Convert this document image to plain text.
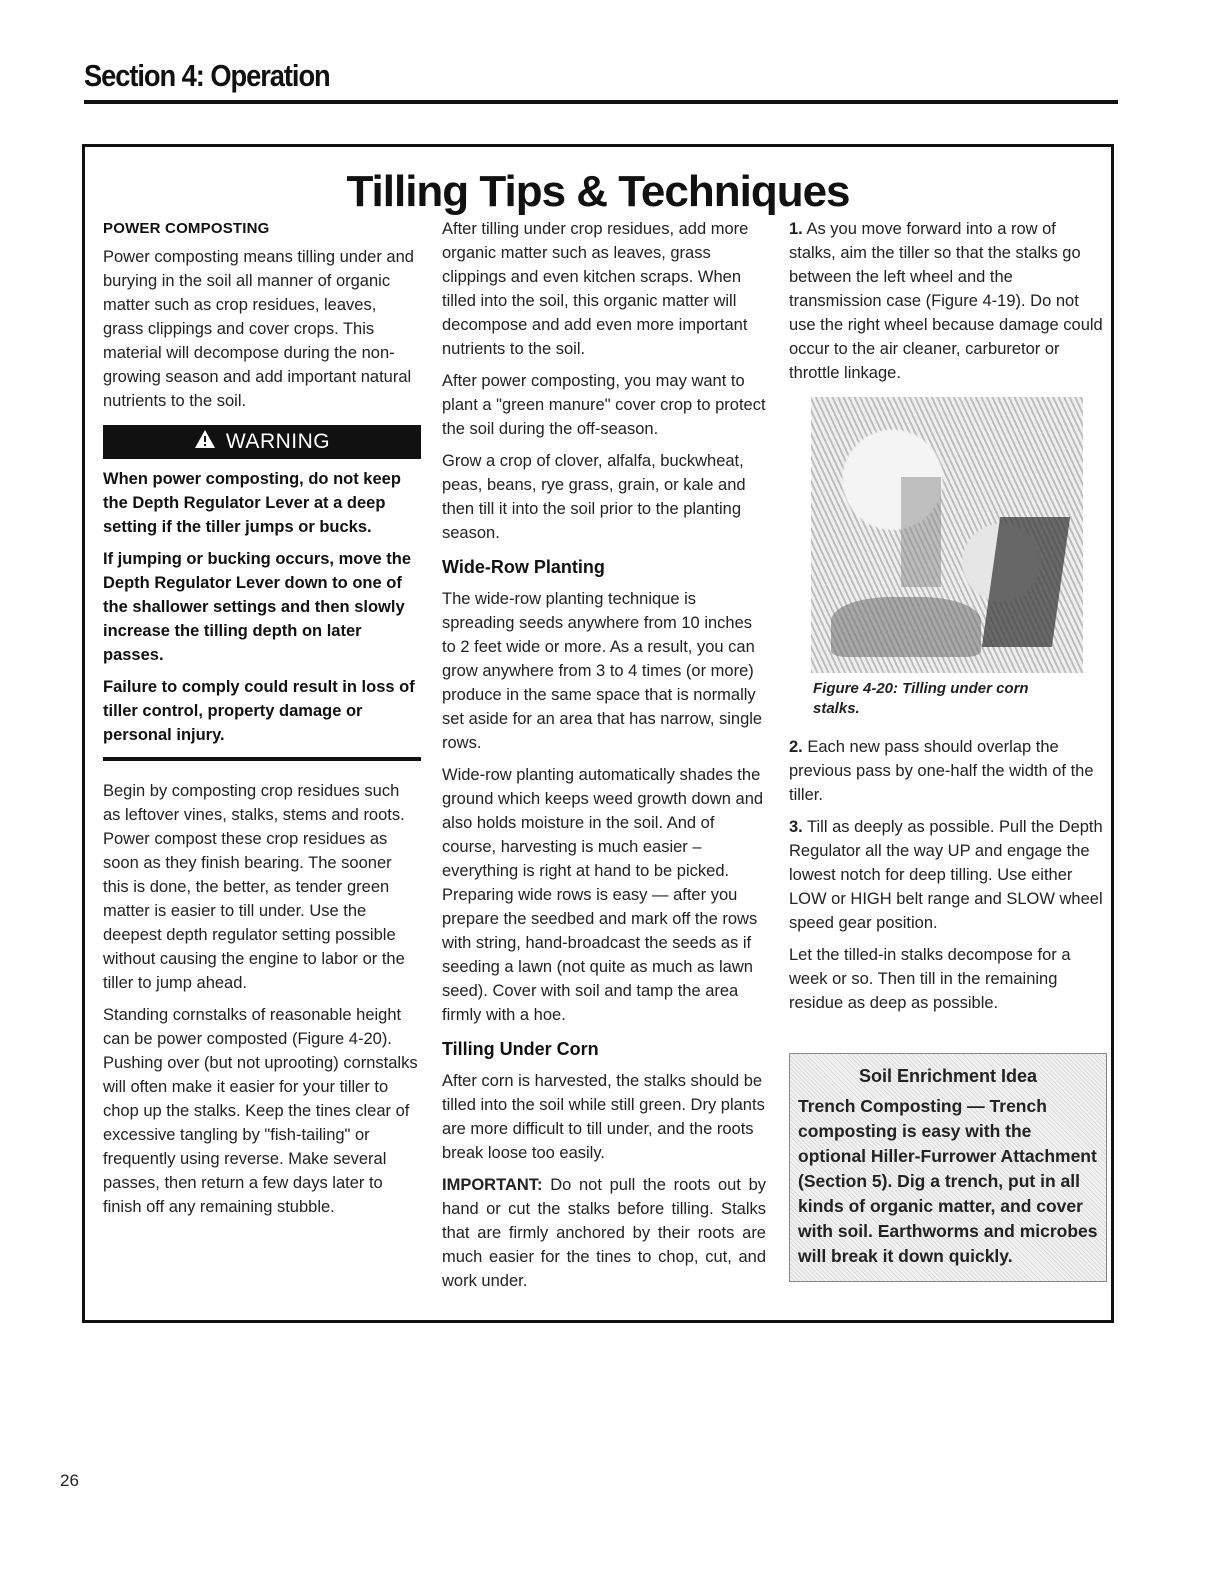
Section 4: Operation
Tilling Tips & Techniques
POWER COMPOSTING

Power composting means tilling under and burying in the soil all manner of organic matter such as crop residues, leaves, grass clippings and cover crops. This material will decompose during the non-growing season and add important natural nutrients to the soil.

WARNING

When power composting, do not keep the Depth Regulator Lever at a deep setting if the tiller jumps or bucks.

If jumping or bucking occurs, move the Depth Regulator Lever down to one of the shallower settings and then slowly increase the tilling depth on later passes.

Failure to comply could result in loss of tiller control, property damage or personal injury.

Begin by composting crop residues such as leftover vines, stalks, stems and roots. Power compost these crop residues as soon as they finish bearing. The sooner this is done, the better, as tender green matter is easier to till under. Use the deepest depth regulator setting possible without causing the engine to labor or the tiller to jump ahead.

Standing cornstalks of reasonable height can be power composted (Figure 4-20). Pushing over (but not uprooting) cornstalks will often make it easier for your tiller to chop up the stalks. Keep the tines clear of excessive tangling by "fish-tailing" or frequently using reverse. Make several passes, then return a few days later to finish off any remaining stubble.

After tilling under crop residues, add more organic matter such as leaves, grass clippings and even kitchen scraps. When tilled into the soil, this organic matter will decompose and add even more important nutrients to the soil.

After power composting, you may want to plant a "green manure" cover crop to protect the soil during the off-season.

Grow a crop of clover, alfalfa, buckwheat, peas, beans, rye grass, grain, or kale and then till it into the soil prior to the planting season.

Wide-Row Planting

The wide-row planting technique is spreading seeds anywhere from 10 inches to 2 feet wide or more. As a result, you can grow anywhere from 3 to 4 times (or more) produce in the same space that is normally set aside for an area that has narrow, single rows.

Wide-row planting automatically shades the ground which keeps weed growth down and also holds moisture in the soil. And of course, harvesting is much easier – everything is right at hand to be picked. Preparing wide rows is easy — after you prepare the seedbed and mark off the rows with string, hand-broadcast the seeds as if seeding a lawn (not quite as much as lawn seed). Cover with soil and tamp the area firmly with a hoe.

Tilling Under Corn

After corn is harvested, the stalks should be tilled into the soil while still green. Dry plants are more difficult to till under, and the roots break loose too easily.

IMPORTANT: Do not pull the roots out by hand or cut the stalks before tilling. Stalks that are firmly anchored by their roots are much easier for the tines to chop, cut, and work under.

1. As you move forward into a row of stalks, aim the tiller so that the stalks go between the left wheel and the transmission case (Figure 4-19). Do not use the right wheel because damage could occur to the air cleaner, carburetor or throttle linkage.

Figure 4-20: Tilling under corn stalks.

2. Each new pass should overlap the previous pass by one-half the width of the tiller.

3. Till as deeply as possible. Pull the Depth Regulator all the way UP and engage the lowest notch for deep tilling. Use either LOW or HIGH belt range and SLOW wheel speed gear position.

Let the tilled-in stalks decompose for a week or so. Then till in the remaining residue as deep as possible.

Soil Enrichment Idea

Trench Composting — Trench composting is easy with the optional Hiller-Furrower Attachment (Section 5). Dig a trench, put in all kinds of organic matter, and cover with soil. Earthworms and microbes will break it down quickly.

26
